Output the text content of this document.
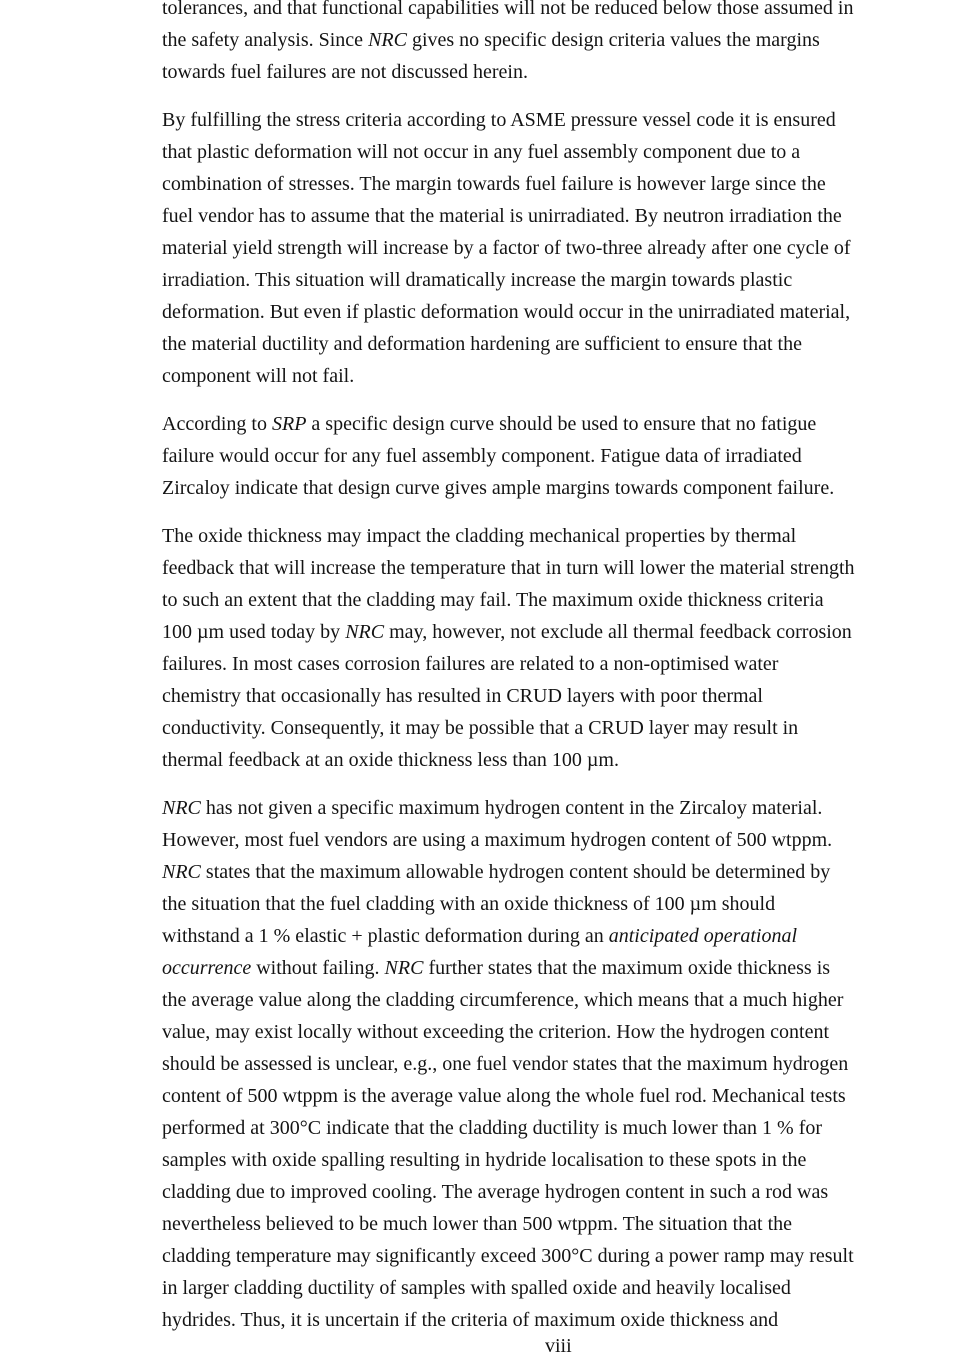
tolerances, and that functional capabilities will not be reduced below those assumed in
the safety analysis. Since NRC gives no specific design criteria values the margins
towards fuel failures are not discussed herein.
By fulfilling the stress criteria according to ASME pressure vessel code it is ensured
that plastic deformation will not occur in any fuel assembly component due to a
combination of stresses. The margin towards fuel failure is however large since the
fuel vendor has to assume that the material is unirradiated. By neutron irradiation the
material yield strength will increase by a factor of two-three already after one cycle of
irradiation. This situation will dramatically increase the margin towards plastic
deformation. But even if plastic deformation would occur in the unirradiated material,
the material ductility and deformation hardening are sufficient to ensure that the
component will not fail.
According to SRP a specific design curve should be used to ensure that no fatigue
failure would occur for any fuel assembly component. Fatigue data of irradiated
Zircaloy indicate that design curve gives ample margins towards component failure.
The oxide thickness may impact the cladding mechanical properties by thermal
feedback that will increase the temperature that in turn will lower the material strength
to such an extent that the cladding may fail. The maximum oxide thickness criteria
100 µm used today by NRC may, however, not exclude all thermal feedback corrosion
failures. In most cases corrosion failures are related to a non-optimised water
chemistry that occasionally has resulted in CRUD layers with poor thermal
conductivity. Consequently, it may be possible that a CRUD layer may result in
thermal feedback at an oxide thickness less than 100 µm.
NRC has not given a specific maximum hydrogen content in the Zircaloy material.
However, most fuel vendors are using a maximum hydrogen content of 500 wtppm.
NRC states that the maximum allowable hydrogen content should be determined by
the situation that the fuel cladding with an oxide thickness of 100 µm should
withstand a 1 % elastic + plastic deformation during an anticipated operational
occurrence without failing. NRC further states that the maximum oxide thickness is
the average value along the cladding circumference, which means that a much higher
value, may exist locally without exceeding the criterion. How the hydrogen content
should be assessed is unclear, e.g., one fuel vendor states that the maximum hydrogen
content of 500 wtppm is the average value along the whole fuel rod. Mechanical tests
performed at 300°C indicate that the cladding ductility is much lower than 1 % for
samples with oxide spalling resulting in hydride localisation to these spots in the
cladding due to improved cooling. The average hydrogen content in such a rod was
nevertheless believed to be much lower than 500 wtppm. The situation that the
cladding temperature may significantly exceed 300°C during a power ramp may result
in larger cladding ductility of samples with spalled oxide and heavily localised
hydrides. Thus, it is uncertain if the criteria of maximum oxide thickness and
viii
